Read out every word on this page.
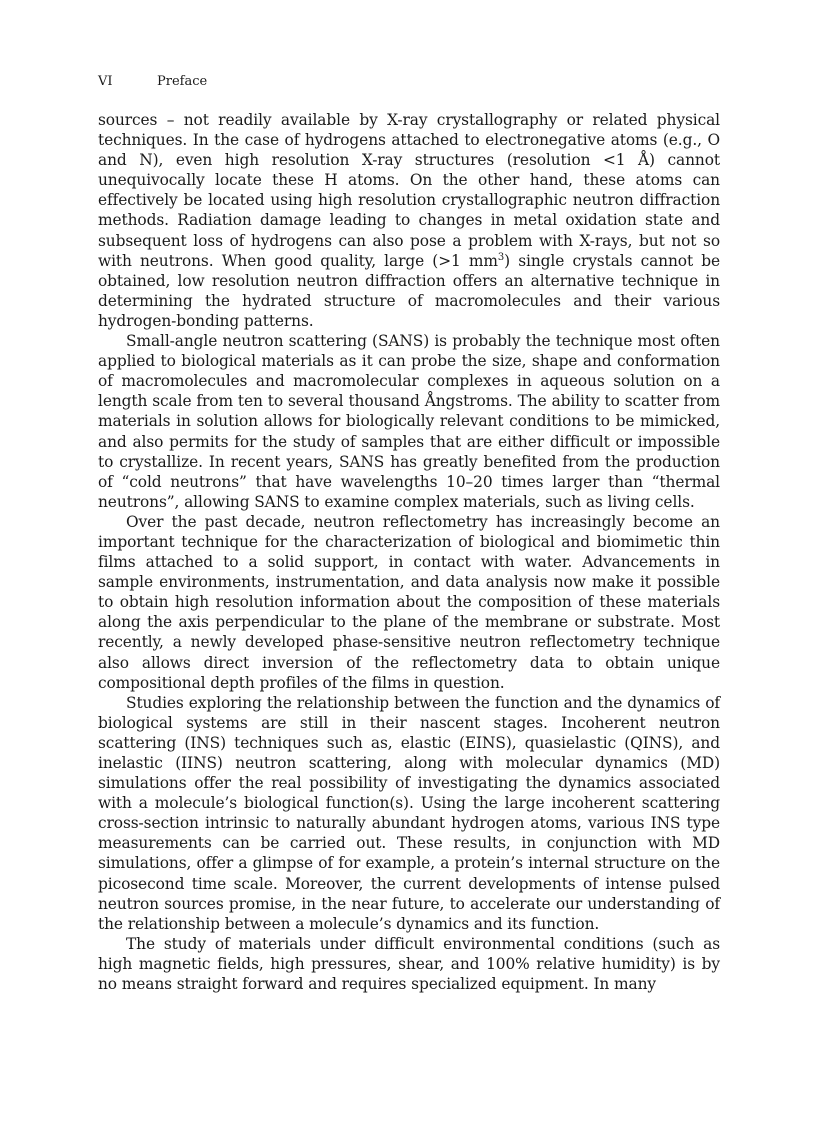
VI	Preface

sources – not readily available by X-ray crystallography or related physical techniques. In the case of hydrogens attached to electronegative atoms (e.g., O and N), even high resolution X-ray structures (resolution <1 Å) cannot unequivocally locate these H atoms. On the other hand, these atoms can effectively be located using high resolution crystallographic neutron diffraction methods. Radiation damage leading to changes in metal oxidation state and subsequent loss of hydrogens can also pose a problem with X-rays, but not so with neutrons. When good quality, large (>1 $mm^3$) single crystals cannot be obtained, low resolution neutron diffraction offers an alternative technique in determining the hydrated structure of macromolecules and their various hydrogen-bonding patterns.

Small-angle neutron scattering (SANS) is probably the technique most often applied to biological materials as it can probe the size, shape and conformation of macromolecules and macromolecular complexes in aqueous solution on a length scale from ten to several thousand Ångstroms. The ability to scatter from materials in solution allows for biologically relevant conditions to be mimicked, and also permits for the study of samples that are either difficult or impossible to crystallize. In recent years, SANS has greatly benefited from the production of “cold neutrons” that have wavelengths 10–20 times larger than “thermal neutrons”, allowing SANS to examine complex materials, such as living cells.

Over the past decade, neutron reflectometry has increasingly become an important technique for the characterization of biological and biomimetic thin films attached to a solid support, in contact with water. Advancements in sample environments, instrumentation, and data analysis now make it possible to obtain high resolution information about the composition of these materials along the axis perpendicular to the plane of the membrane or substrate. Most recently, a newly developed phase-sensitive neutron reflectometry technique also allows direct inversion of the reflectometry data to obtain unique compositional depth profiles of the films in question.

Studies exploring the relationship between the function and the dynamics of biological systems are still in their nascent stages. Incoherent neutron scattering (INS) techniques such as, elastic (EINS), quasielastic (QINS), and inelastic (IINS) neutron scattering, along with molecular dynamics (MD) simulations offer the real possibility of investigating the dynamics associated with a molecule’s biological function(s). Using the large incoherent scattering cross-section intrinsic to naturally abundant hydrogen atoms, various INS type measurements can be carried out. These results, in conjunction with MD simulations, offer a glimpse of for example, a protein’s internal structure on the picosecond time scale. Moreover, the current developments of intense pulsed neutron sources promise, in the near future, to accelerate our understanding of the relationship between a molecule’s dynamics and its function.

The study of materials under difficult environmental conditions (such as high magnetic fields, high pressures, shear, and 100% relative humidity) is by no means straight forward and requires specialized equipment. In many
